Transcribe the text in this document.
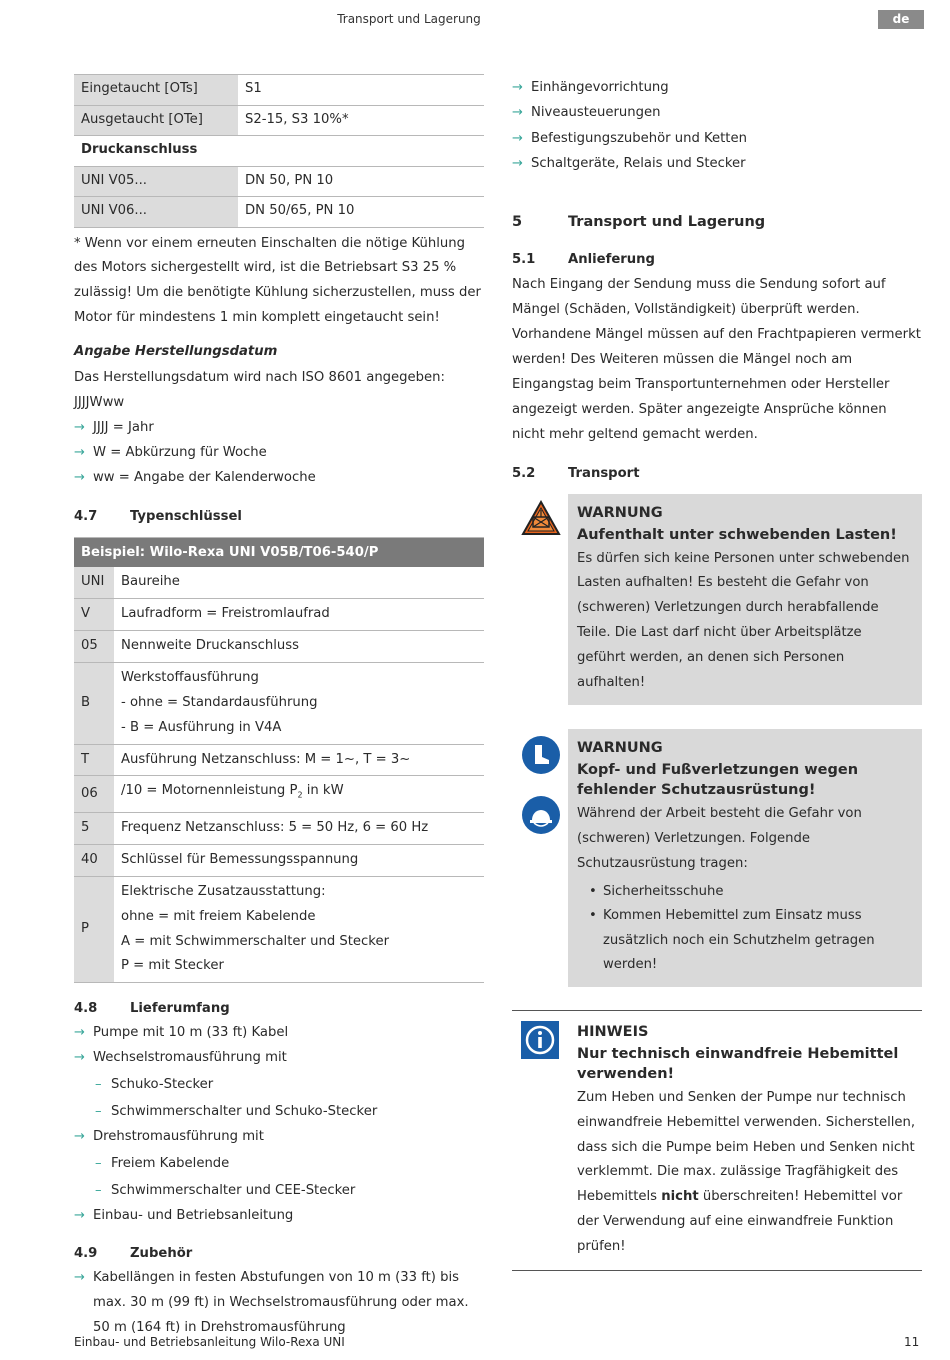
Transport und Lagerung	de
Eingetaucht [OTs]	S1
Ausgetaucht [OTe]	S2-15, S3 10%*
Druckanschluss	
UNI V05...	DN 50, PN 10
UNI V06...	DN 50/65, PN 10

* Wenn vor einem erneuten Einschalten die nötige Kühlung des Motors sichergestellt wird, ist die Betriebsart S3 25 % zulässig! Um die benötigte Kühlung sicherzustellen, muss der Motor für mindestens 1 min komplett eingetaucht sein!

Angabe Herstellungsdatum

Das Herstellungsdatum wird nach ISO 8601 angegeben: JJJJWww

→ JJJJ = Jahr
→ W = Abkürzung für Woche
→ ww = Angabe der Kalenderwoche
4.7	Typenschlüssel
Beispiel: Wilo-Rexa UNI V05B/T06-540/P	
UNI	Baureihe
V	Laufradform = Freistromlaufrad
05	Nennweite Druckanschluss
B	Werkstoffausführung
- ohne = Standardausführung
- B = Ausführung in V4A

T	Ausführung Netzanschluss: M = 1~, T = 3~
06	/10 = Motornennleistung $P_2$ in kW
5	Frequenz Netzanschluss: 5 = 50 Hz, 6 = 60 Hz
40	Schlüssel für Bemessungsspannung
P	Elektrische Zusatzausstattung:
ohne = mit freiem Kabelende
A = mit Schwimmerschalter und Stecker
P = mit Stecker
4.8	Lieferumfang
→ Pumpe mit 10 m (33 ft) Kabel
→ Wechselstromausführung mit
– Schuko-Stecker
– Schwimmerschalter und Schuko-Stecker
→ Drehstromausführung mit
– Freiem Kabelende
– Schwimmerschalter und CEE-Stecker
→ Einbau- und Betriebsanleitung
4.9	Zubehör
→ Kabellängen in festen Abstufungen von 10 m (33 ft) bis max. 30 m (99 ft) in Wechselstromausführung oder max. 50 m (164 ft) in Drehstromausführung
→ Einhängevorrichtung
→ Niveausteuerungen
→ Befestigungszubehör und Ketten
→ Schaltgeräte, Relais und Stecker
5	Transport und Lagerung
5.1	Anlieferung

Nach Eingang der Sendung muss die Sendung sofort auf Mängel (Schäden, Vollständigkeit) überprüft werden. Vorhandene Mängel müssen auf den Frachtpapieren vermerkt werden! Des Weiteren müssen die Mängel noch am Eingangstag beim Transportunternehmen oder Hersteller angezeigt werden. Später angezeigte Ansprüche können nicht mehr geltend gemacht werden.

5.2	Transport
WARNUNG
Aufenthalt unter schwebenden Lasten!

Es dürfen sich keine Personen unter schwebenden Lasten aufhalten! Es besteht die Gefahr von (schweren) Verletzungen durch herabfallende Teile. Die Last darf nicht über Arbeitsplätze geführt werden, an denen sich Personen aufhalten!

WARNUNG
Kopf- und Fußverletzungen wegen fehlender Schutzausrüstung!

Während der Arbeit besteht die Gefahr von (schweren) Verletzungen. Folgende Schutzausrüstung tragen:

• Sicherheitsschuhe
• Kommen Hebemittel zum Einsatz muss zusätzlich noch ein Schutzhelm getragen werden!
HINWEIS
Nur technisch einwandfreie Hebemittel verwenden!

Zum Heben und Senken der Pumpe nur technisch einwandfreie Hebemittel verwenden. Sicherstellen, dass sich die Pumpe beim Heben und Senken nicht verklemmt. Die max. zulässige Tragfähigkeit des Hebemittels nicht überschreiten! Hebemittel vor der Verwendung auf eine einwandfreie Funktion prüfen!

Einbau- und Betriebsanleitung Wilo-Rexa UNI	11
